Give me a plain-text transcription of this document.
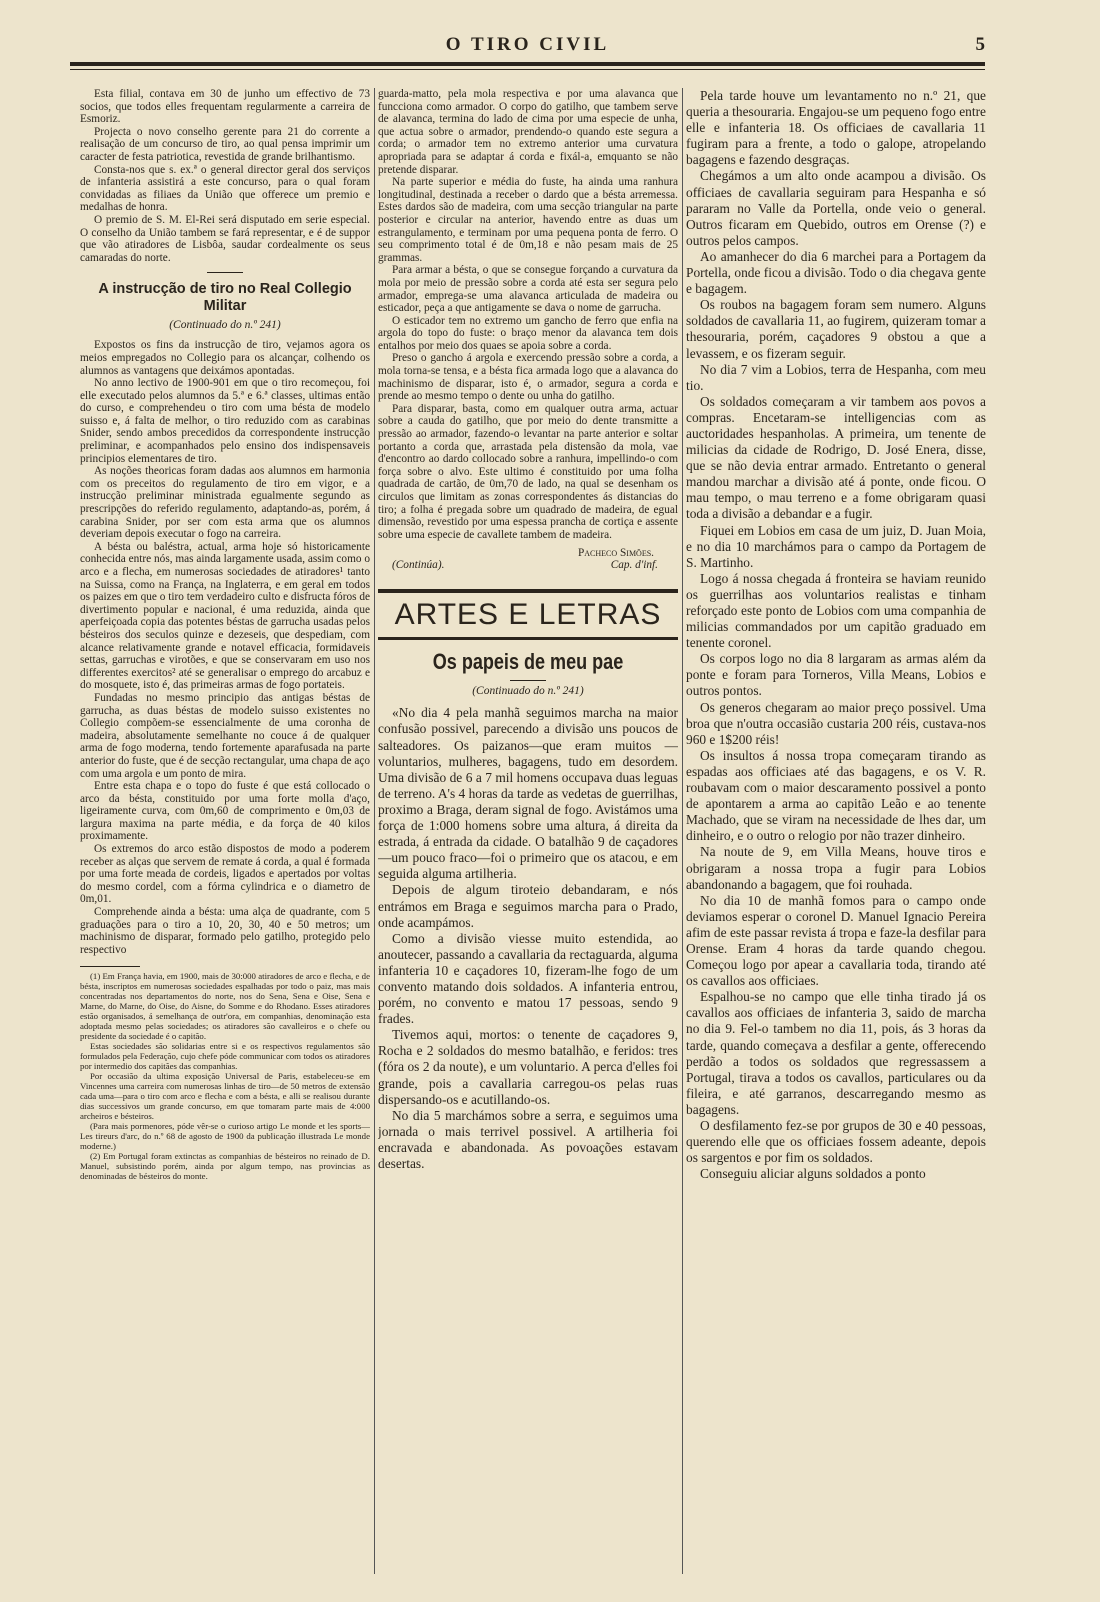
O TIRO CIVIL	5

Esta filial, contava em 30 de junho um effectivo de 73 socios, que todos elles frequentam regularmente a carreira de Esmoriz.

Projecta o novo conselho gerente para 21 do corrente a realisação de um concurso de tiro, ao qual pensa imprimir um caracter de festa patriotica, revestida de grande brilhantismo.

Consta-nos que s. ex.ª o general director geral dos serviços de infanteria assistirá a este concurso, para o qual foram convidadas as filiaes da União que offerece um premio e medalhas de honra.

O premio de S. M. El-Rei será disputado em serie especial. O conselho da União tambem se fará representar, e é de suppor que vão atiradores de Lisbôa, saudar cordealmente os seus camaradas do norte.

A instrucção de tiro no Real Collegio Militar
(Continuado do n.º 241)

Expostos os fins da instrucção de tiro, vejamos agora os meios empregados no Collegio para os alcançar, colhendo os alumnos as vantagens que deixámos apontadas.

No anno lectivo de 1900-901 em que o tiro recomeçou, foi elle executado pelos alumnos da 5.ª e 6.ª classes, ultimas então do curso, e comprehendeu o tiro com uma bésta de modelo suisso e, á falta de melhor, o tiro reduzido com as carabinas Snider, sendo ambos precedidos da correspondente instrucção preliminar, e acompanhados pelo ensino dos indispensaveis principios elementares de tiro.

As noções theoricas foram dadas aos alumnos em harmonia com os preceitos do regulamento de tiro em vigor, e a instrucção preliminar ministrada egualmente segundo as prescripções do referido regulamento, adaptando-as, porém, á carabina Snider, por ser com esta arma que os alumnos deveriam depois executar o fogo na carreira.

A bésta ou baléstra, actual, arma hoje só historicamente conhecida entre nós, mas ainda largamente usada, assim como o arco e a flecha, em numerosas sociedades de atiradores¹ tanto na Suissa, como na França, na Inglaterra, e em geral em todos os paizes em que o tiro tem verdadeiro culto e disfructa fóros de divertimento popular e nacional, é uma reduzida, ainda que aperfeiçoada copia das potentes béstas de garrucha usadas pelos bésteiros dos seculos quinze e dezeseis, que despediam, com alcance relativamente grande e notavel efficacia, formidaveis settas, garruchas e virotões, e que se conservaram em uso nos differentes exercitos² até se generalisar o emprego do arcabuz e do mosquete, isto é, das primeiras armas de fogo portateis.

Fundadas no mesmo principio das antigas béstas de garrucha, as duas béstas de modelo suisso existentes no Collegio compõem-se essencialmente de uma coronha de madeira, absolutamente semelhante no couce á de qualquer arma de fogo moderna, tendo fortemente aparafusada na parte anterior do fuste, que é de secção rectangular, uma chapa de aço com uma argola e um ponto de mira.

Entre esta chapa e o topo do fuste é que está collocado o arco da bésta, constituido por uma forte molla d'aço, ligeiramente curva, com 0m,60 de comprimento e 0m,03 de largura maxima na parte média, e da força de 40 kilos proximamente.

Os extremos do arco estão dispostos de modo a poderem receber as alças que servem de remate á corda, a qual é formada por uma forte meada de cordeis, ligados e apertados por voltas do mesmo cordel, com a fórma cylindrica e o diametro de 0m,01.

Comprehende ainda a bésta: uma alça de quadrante, com 5 graduações para o tiro a 10, 20, 30, 40 e 50 metros; um machinismo de disparar, formado pelo gatilho, protegido pelo respectivo

(1) Em França havia, em 1900, mais de 30:000 atiradores de arco e flecha, e de bésta, inscriptos em numerosas sociedades espalhadas por todo o paiz, mas mais concentradas nos departamentos do norte, nos do Sena, Sena e Oise, Sena e Marne, do Marne, do Oise, do Aisne, do Somme e do Rhodano. Esses atiradores estão organisados, á semelhança de outr'ora, em companhias, denominação esta adoptada mesmo pelas sociedades; os atiradores são cavalleiros e o chefe ou presidente da sociedade é o capitão.

Estas sociedades são solidarias entre si e os respectivos regulamentos são formulados pela Federação, cujo chefe póde communicar com todos os atiradores por intermedio dos capitães das companhias.

Por occasião da ultima exposição Universal de Paris, estabeleceu-se em Vincennes uma carreira com numerosas linhas de tiro—de 50 metros de extensão cada uma—para o tiro com arco e flecha e com a bésta, e alli se realisou durante dias successivos um grande concurso, em que tomaram parte mais de 4:000 archeiros e bésteiros.

(Para mais pormenores, póde vêr-se o curioso artigo Le monde et les sports—Les tireurs d'arc, do n.º 68 de agosto de 1900 da publicação illustrada Le monde moderne.)

(2) Em Portugal foram extinctas as companhias de bésteiros no reinado de D. Manuel, subsistindo porém, ainda por algum tempo, nas provincias as denominadas de bésteiros do monte.

guarda-matto, pela mola respectiva e por uma alavanca que funcciona como armador. O corpo do gatilho, que tambem serve de alavanca, termina do lado de cima por uma especie de unha, que actua sobre o armador, prendendo-o quando este segura a corda; o armador tem no extremo anterior uma curvatura apropriada para se adaptar á corda e fixál-a, emquanto se não pretende disparar.

Na parte superior e média do fuste, ha ainda uma ranhura longitudinal, destinada a receber o dardo que a bésta arremessa. Estes dardos são de madeira, com uma secção triangular na parte posterior e circular na anterior, havendo entre as duas um estrangulamento, e terminam por uma pequena ponta de ferro. O seu comprimento total é de 0m,18 e não pesam mais de 25 grammas.

Para armar a bésta, o que se consegue forçando a curvatura da mola por meio de pressão sobre a corda até esta ser segura pelo armador, emprega-se uma alavanca articulada de madeira ou esticador, peça a que antigamente se dava o nome de garrucha.

O esticador tem no extremo um gancho de ferro que enfia na argola do topo do fuste: o braço menor da alavanca tem dois entalhos por meio dos quaes se apoia sobre a corda.

Preso o gancho á argola e exercendo pressão sobre a corda, a mola torna-se tensa, e a bésta fica armada logo que a alavanca do machinismo de disparar, isto é, o armador, segura a corda e prende ao mesmo tempo o dente ou unha do gatilho.

Para disparar, basta, como em qualquer outra arma, actuar sobre a cauda do gatilho, que por meio do dente transmitte a pressão ao armador, fazendo-o levantar na parte anterior e soltar portanto a corda que, arrastada pela distensão da mola, vae d'encontro ao dardo collocado sobre a ranhura, impellindo-o com força sobre o alvo. Este ultimo é constituido por uma folha quadrada de cartão, de 0m,70 de lado, na qual se desenham os circulos que limitam as zonas correspondentes ás distancias do tiro; a folha é pregada sobre um quadrado de madeira, de egual dimensão, revestido por uma espessa prancha de cortiça e assente sobre uma especie de cavallete tambem de madeira.

Pacheco Simões.
(Continúa).	Cap. d'inf.
ARTES E LETRAS
Os papeis de meu pae
(Continuado do n.º 241)

«No dia 4 pela manhã seguimos marcha na maior confusão possivel, parecendo a divisão uns poucos de salteadores. Os paizanos—que eram muitos — voluntarios, mulheres, bagagens, tudo em desordem. Uma divisão de 6 a 7 mil homens occupava duas leguas de terreno. A's 4 horas da tarde as vedetas de guerrilhas, proximo a Braga, deram signal de fogo. Avistámos uma força de 1:000 homens sobre uma altura, á direita da estrada, á entrada da cidade. O batalhão 9 de caçadores—um pouco fraco—foi o primeiro que os atacou, e em seguida alguma artilheria.

Depois de algum tiroteio debandaram, e nós entrámos em Braga e seguimos marcha para o Prado, onde acampámos.

Como a divisão viesse muito estendida, ao anoutecer, passando a cavallaria da rectaguarda, alguma infanteria 10 e caçadores 10, fizeram-lhe fogo de um convento matando dois soldados. A infanteria entrou, porém, no convento e matou 17 pessoas, sendo 9 frades.

Tivemos aqui, mortos: o tenente de caçadores 9, Rocha e 2 soldados do mesmo batalhão, e feridos: tres (fóra os 2 da noute), e um voluntario. A perca d'elles foi grande, pois a cavallaria carregou-os pelas ruas dispersando-os e acutillando-os.

No dia 5 marchámos sobre a serra, e seguimos uma jornada o mais terrivel possivel. A artilheria foi encravada e abandonada. As povoações estavam desertas.

Pela tarde houve um levantamento no n.º 21, que queria a thesouraria. Engajou-se um pequeno fogo entre elle e infanteria 18. Os officiaes de cavallaria 11 fugiram para a frente, a todo o galope, atropelando bagagens e fazendo desgraças.

Chegámos a um alto onde acampou a divisão. Os officiaes de cavallaria seguiram para Hespanha e só pararam no Valle da Portella, onde veio o general. Outros ficaram em Quebido, outros em Orense (?) e outros pelos campos.

Ao amanhecer do dia 6 marchei para a Portagem da Portella, onde ficou a divisão. Todo o dia chegava gente e bagagem.

Os roubos na bagagem foram sem numero. Alguns soldados de cavallaria 11, ao fugirem, quizeram tomar a thesouraria, porém, caçadores 9 obstou a que a levassem, e os fizeram seguir.

No dia 7 vim a Lobios, terra de Hespanha, com meu tio.

Os soldados começaram a vir tambem aos povos a compras. Encetaram-se intelligencias com as auctoridades hespanholas. A primeira, um tenente de milicias da cidade de Rodrigo, D. José Enera, disse, que se não devia entrar armado. Entretanto o general mandou marchar a divisão até á ponte, onde ficou. O mau tempo, o mau terreno e a fome obrigaram quasi toda a divisão a debandar e a fugir.

Fiquei em Lobios em casa de um juiz, D. Juan Moia, e no dia 10 marchámos para o campo da Portagem de S. Martinho.

Logo á nossa chegada á fronteira se haviam reunido os guerrilhas aos voluntarios realistas e tinham reforçado este ponto de Lobios com uma companhia de milicias commandados por um capitão graduado em tenente coronel.

Os corpos logo no dia 8 largaram as armas além da ponte e foram para Torneros, Villa Means, Lobios e outros pontos.

Os generos chegaram ao maior preço possivel. Uma broa que n'outra occasião custaria 200 réis, custava-nos 960 e 1$200 réis!

Os insultos á nossa tropa começaram tirando as espadas aos officiaes até das bagagens, e os V. R. roubavam com o maior descaramento possivel a ponto de apontarem a arma ao capitão Leão e ao tenente Machado, que se viram na necessidade de lhes dar, um dinheiro, e o outro o relogio por não trazer dinheiro.

Na noute de 9, em Villa Means, houve tiros e obrigaram a nossa tropa a fugir para Lobios abandonando a bagagem, que foi rouhada.

No dia 10 de manhã fomos para o campo onde deviamos esperar o coronel D. Manuel Ignacio Pereira afim de este passar revista á tropa e faze-la desfilar para Orense. Eram 4 horas da tarde quando chegou. Começou logo por apear a cavallaria toda, tirando até os cavallos aos officiaes.

Espalhou-se no campo que elle tinha tirado já os cavallos aos officiaes de infanteria 3, saido de marcha no dia 9. Fel-o tambem no dia 11, pois, ás 3 horas da tarde, quando começava a desfilar a gente, offerecendo perdão a todos os soldados que regressassem a Portugal, tirava a todos os cavallos, particulares ou da fileira, e até garranos, descarregando mesmo as bagagens.

O desfilamento fez-se por grupos de 30 e 40 pessoas, querendo elle que os officiaes fossem adeante, depois os sargentos e por fim os soldados.

Conseguiu aliciar alguns soldados a ponto
